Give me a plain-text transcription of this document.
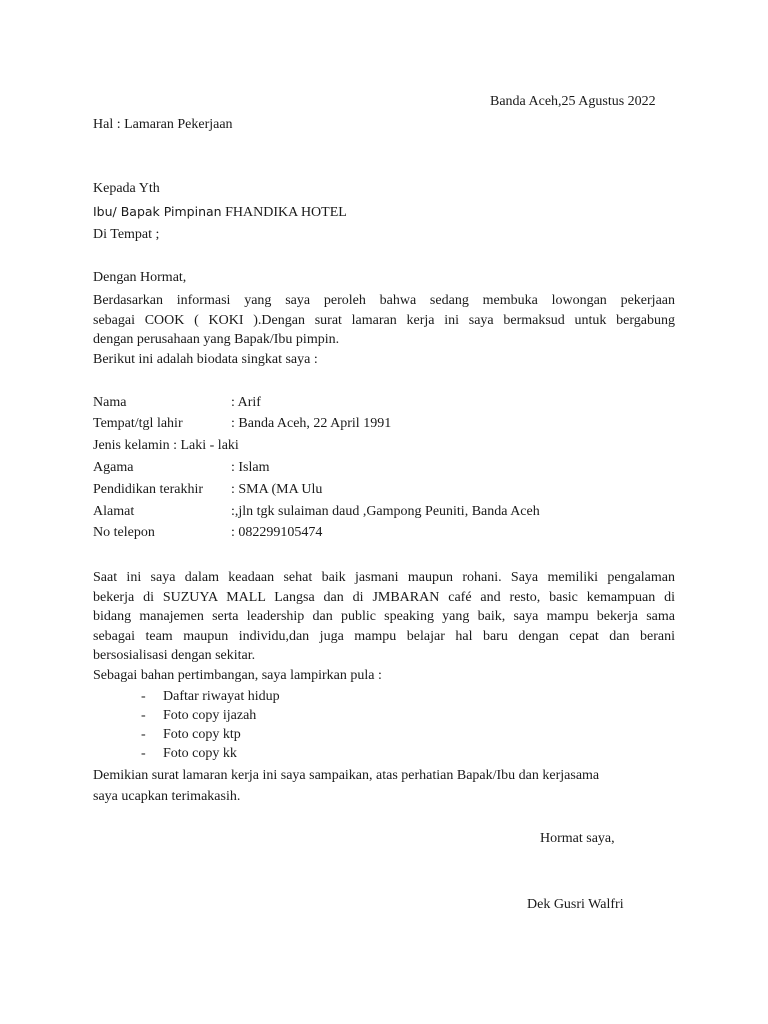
Banda Aceh,25 Agustus 2022
Hal : Lamaran Pekerjaan
Kepada Yth
Ibu/ Bapak Pimpinan FHANDIKA HOTEL
Di Tempat ;
Dengan Hormat,
Berdasarkan informasi yang saya peroleh bahwa sedang membuka lowongan pekerjaan
sebagai COOK ( KOKI ).Dengan surat lamaran kerja ini saya bermaksud untuk bergabung
dengan perusahaan yang Bapak/Ibu pimpin.
Berikut ini adalah biodata singkat saya :
Nama	: Arif
Tempat/tgl lahir	: Banda Aceh, 22 April 1991
Jenis kelamin : Laki - laki
Agama	: Islam
Pendidikan terakhir : SMA (MA Ulu
Alamat	:,jln tgk sulaiman daud ,Gampong Peuniti, Banda Aceh
No telepon	: 082299105474
Saat ini saya dalam keadaan sehat baik jasmani maupun rohani. Saya memiliki pengalaman
bekerja di SUZUYA MALL Langsa dan di JMBARAN café and resto, basic kemampuan di
bidang manajemen serta leadership dan public speaking yang baik, saya mampu bekerja sama
sebagai team maupun individu,dan juga mampu belajar hal baru dengan cepat dan berani
bersosialisasi dengan sekitar.
Sebagai bahan pertimbangan, saya lampirkan pula :
- Daftar riwayat hidup
- Foto copy ijazah
- Foto copy ktp
- Foto copy kk
Demikian surat lamaran kerja ini saya sampaikan, atas perhatian Bapak/Ibu dan kerjasama
saya ucapkan terimakasih.
Hormat saya,
Dek Gusri Walfri
